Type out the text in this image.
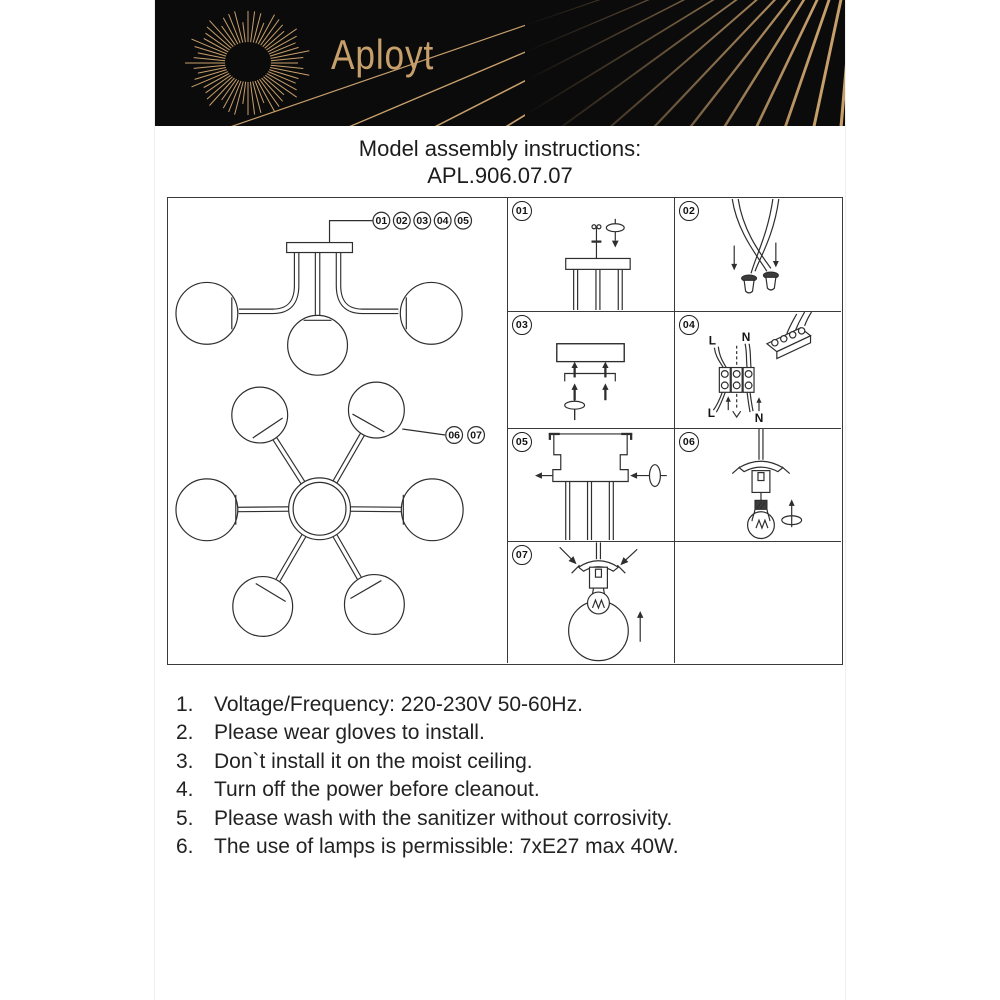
Aployt
Model assembly instructions:
APL.906.07.07
01 02 03 04 05
06 07
01	02
03	04
L N
L	N
05	06
07
1. Voltage/Frequency: 220-230V 50-60Hz.
2. Please wear gloves to install.
3. Don`t install it on the moist ceiling.
4. Turn off the power before cleanout.
5. Please wash with the sanitizer without corrosivity.
6. The use of lamps is permissible: 7xE27 max 40W.
